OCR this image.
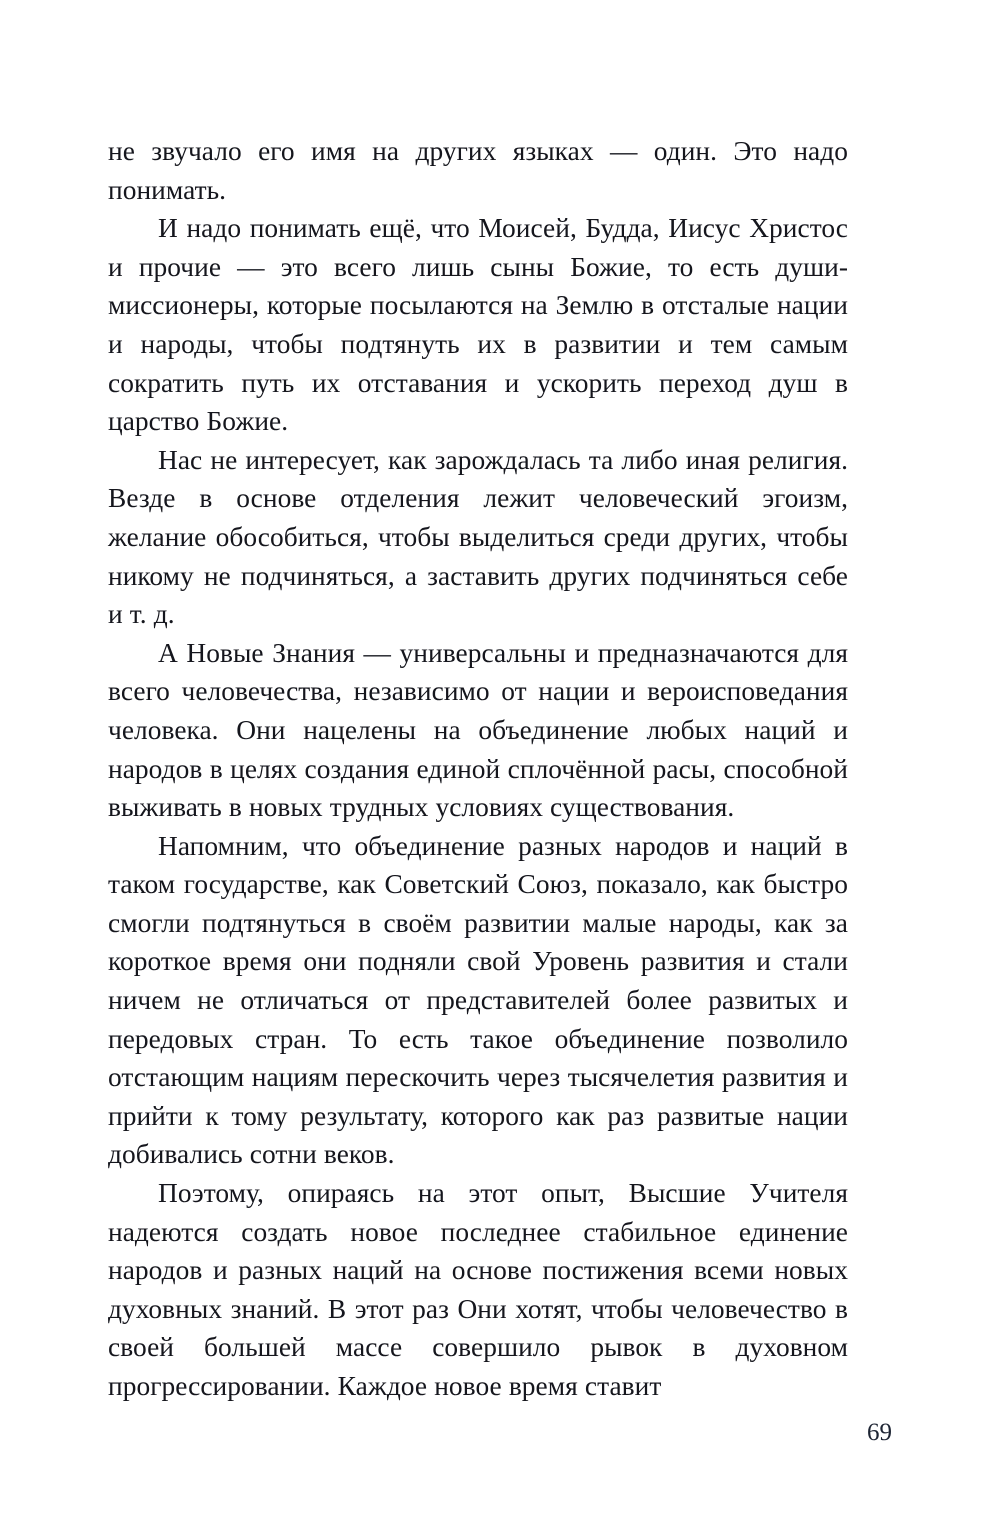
не звучало его имя на других языках — один. Это надо понимать.

И надо понимать ещё, что Моисей, Будда, Иисус Христос и прочие — это всего лишь сыны Божие, то есть души-миссионеры, которые посылаются на Землю в отсталые нации и народы, чтобы подтянуть их в развитии и тем самым сократить путь их отставания и ускорить переход душ в царство Божие.

Нас не интересует, как зарождалась та либо иная религия. Везде в основе отделения лежит человеческий эгоизм, желание обособиться, чтобы выделиться среди других, чтобы никому не подчиняться, а заставить других подчиняться себе и т. д.

А Новые Знания — универсальны и предназначаются для всего человечества, независимо от нации и вероисповедания человека. Они нацелены на объединение любых наций и народов в целях создания единой сплочённой расы, способной выживать в новых трудных условиях существования.

Напомним, что объединение разных народов и наций в таком государстве, как Советский Союз, показало, как быстро смогли подтянуться в своём развитии малые народы, как за короткое время они подняли свой Уровень развития и стали ничем не отличаться от представителей более развитых и передовых стран. То есть такое объединение позволило отстающим нациям перескочить через тысячелетия развития и прийти к тому результату, которого как раз развитые нации добивались сотни веков.

Поэтому, опираясь на этот опыт, Высшие Учителя надеются создать новое последнее стабильное единение народов и разных наций на основе постижения всеми новых духовных знаний. В этот раз Они хотят, чтобы человечество в своей большей массе совершило рывок в духовном прогрессировании. Каждое новое время ставит

69
